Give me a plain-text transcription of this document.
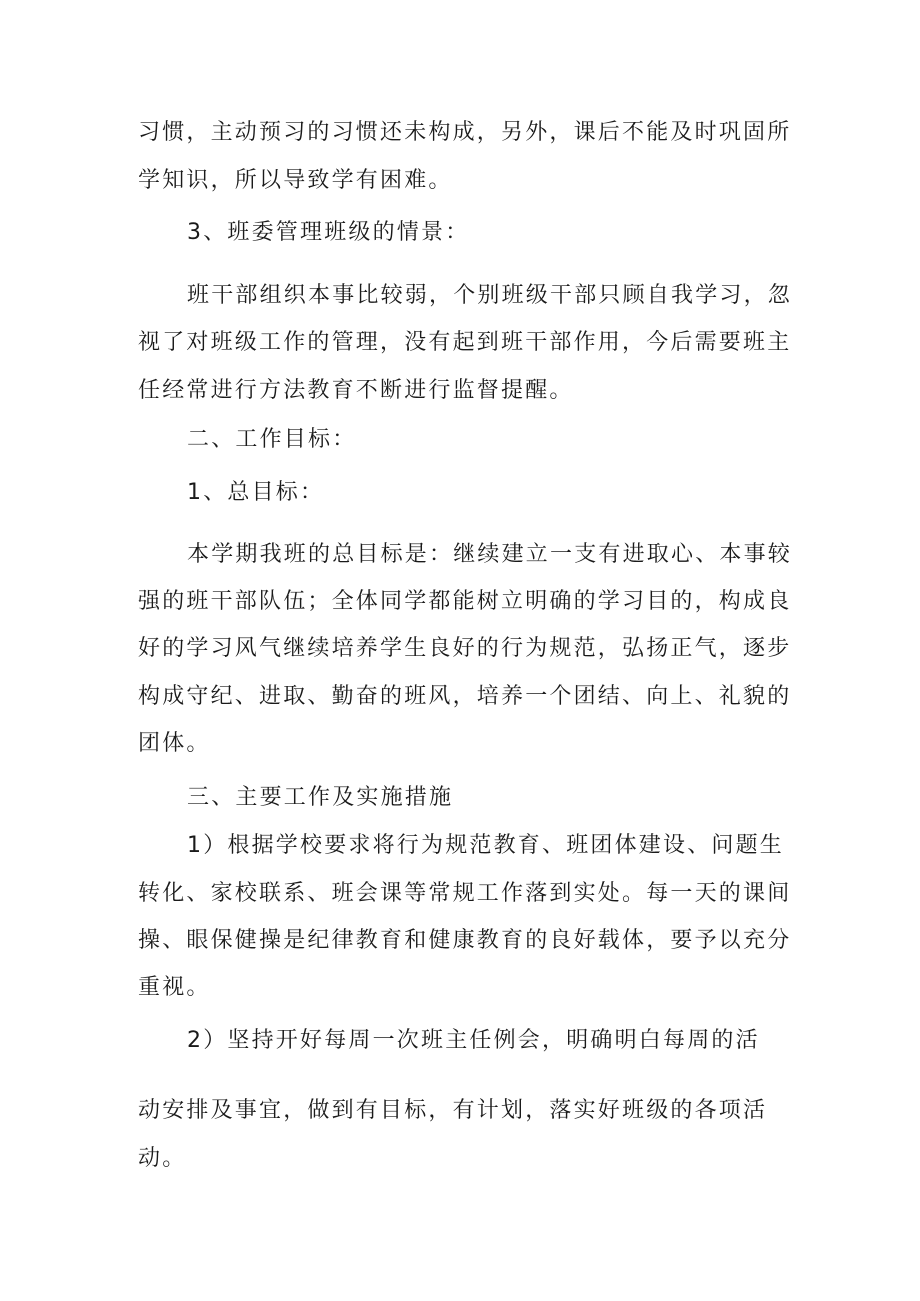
习惯，主动预习的习惯还未构成，另外，课后不能及时巩固所
学知识，所以导致学有困难。
3、班委管理班级的情景：
班干部组织本事比较弱，个别班级干部只顾自我学习，忽
视了对班级工作的管理，没有起到班干部作用，今后需要班主
任经常进行方法教育不断进行监督提醒。
二、工作目标：
1、总目标：
本学期我班的总目标是：继续建立一支有进取心、本事较
强的班干部队伍；全体同学都能树立明确的学习目的，构成良
好的学习风气继续培养学生良好的行为规范，弘扬正气，逐步
构成守纪、进取、勤奋的班风，培养一个团结、向上、礼貌的
团体。
三、主要工作及实施措施
1）根据学校要求将行为规范教育、班团体建设、问题生
转化、家校联系、班会课等常规工作落到实处。每一天的课间
操、眼保健操是纪律教育和健康教育的良好载体，要予以充分
重视。
2）坚持开好每周一次班主任例会，明确明白每周的活
动安排及事宜，做到有目标，有计划，落实好班级的各项活
动。
